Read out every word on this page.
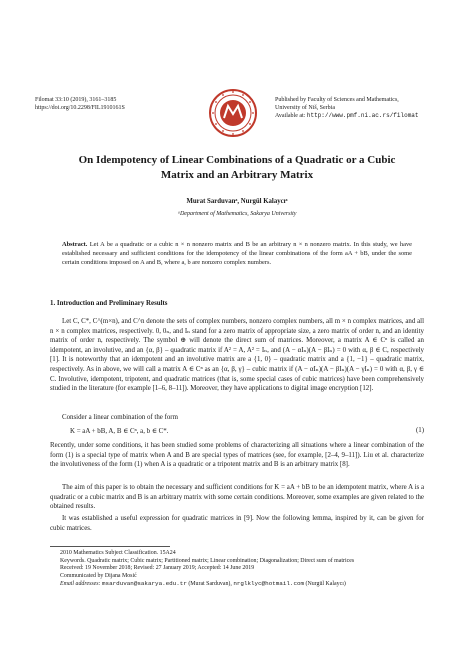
Filomat 33:10 (2019), 3161–3185
https://doi.org/10.2298/FIL1910161S
Published by Faculty of Sciences and Mathematics,
University of Niš, Serbia
Available at: http://www.pmf.ni.ac.rs/filomat
On Idempotency of Linear Combinations of a Quadratic or a Cubic
Matrix and an Arbitrary Matrix
Murat Sarduvanᵃ, Nurgül Kalaycıᵃ
ᵃDepartment of Mathematics, Sakarya University
Abstract. Let A be a quadratic or a cubic n × n nonzero matrix and B be an arbitrary n × n nonzero matrix. In this study, we have established necessary and sufficient conditions for the idempotency of the linear combinations of the form aA + bB, under the some certain conditions imposed on A and B, where a, b are nonzero complex numbers.
1. Introduction and Preliminary Results
Let C, C*, C^(m×n), and C^n denote the sets of complex numbers, nonzero complex numbers, all m × n complex matrices, and all n × n complex matrices, respectively. 0, 0ₙ, and Iₙ stand for a zero matrix of appropriate size, a zero matrix of order n, and an identity matrix of order n, respectively. The symbol ⊕ will denote the direct sum of matrices. Moreover, a matrix A ∈ Cⁿ is called an idempotent, an involutive, and an {α, β} – quadratic matrix if A² = A, A² = Iₙ, and (A − αIₙ)(A − βIₙ) = 0 with α, β ∈ C, respectively [1]. It is noteworthy that an idempotent and an involutive matrix are a {1, 0} – quadratic matrix and a {1, −1} – quadratic matrix, respectively. As in above, we will call a matrix A ∈ Cⁿ as an {α, β, γ} – cubic matrix if (A − αIₙ)(A − βIₙ)(A − γIₙ) = 0 with α, β, γ ∈ C. Involutive, idempotent, tripotent, and quadratic matrices (that is, some special cases of cubic matrices) have been comprehensively studied in the literature (for example [1–6, 8–11]). Moreover, they have applications to digital image encryption [12].
Consider a linear combination of the form
K = aA + bB, A, B ∈ Cⁿ, a, b ∈ C*.	(1)
Recently, under some conditions, it has been studied some problems of characterizing all situations where a linear combination of the form (1) is a special type of matrix when A and B are special types of matrices (see, for example, [2–4, 9–11]). Liu et al. characterize the involutiveness of the form (1) when A is a quadratic or a tripotent matrix and B is an arbitrary matrix [8].
The aim of this paper is to obtain the necessary and sufficient conditions for K = aA + bB to be an idempotent matrix, where A is a quadratic or a cubic matrix and B is an arbitrary matrix with some certain conditions. Moreover, some examples are given related to the obtained results.
It was established a useful expression for quadratic matrices in [9]. Now the following lemma, inspired by it, can be given for cubic matrices.
2010 Mathematics Subject Classification. 15A24
Keywords. Quadratic matrix; Cubic matrix; Partitioned matrix; Linear combination; Diagonalization; Direct sum of matrices
Received: 19 November 2018; Revised: 27 January 2019; Accepted: 14 June 2019
Communicated by Dijana Mosić
Email addresses: msarduvan@sakarya.edu.tr (Murat Sarduvan), nrglklyc@hotmail.com (Nurgül Kalaycı)
